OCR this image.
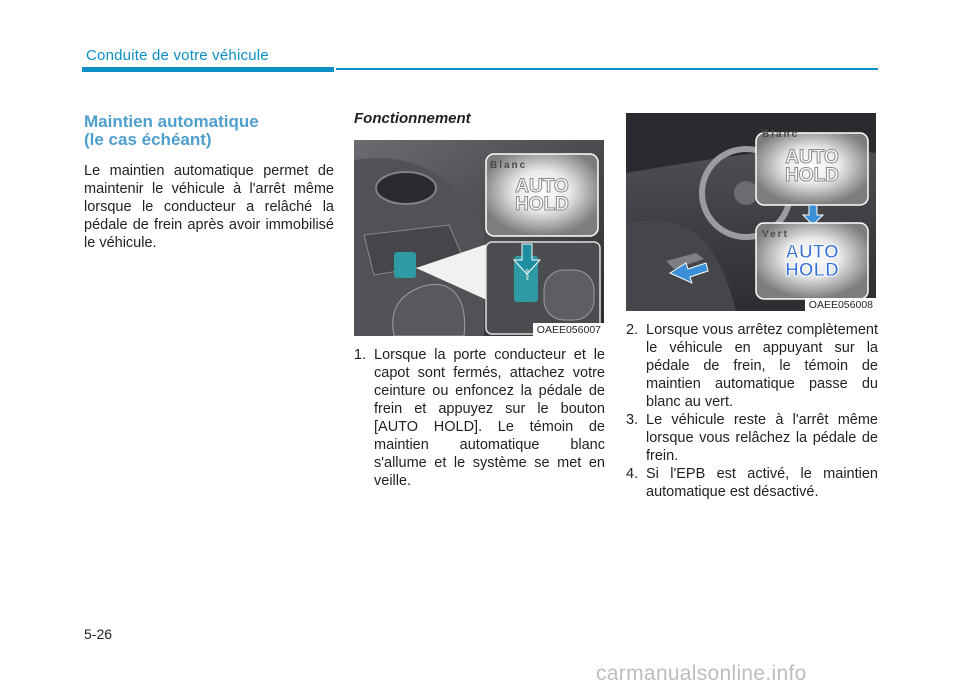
Conduite de votre véhicule
Maintien automatique
(le cas échéant)

Le maintien automatique permet de maintenir le véhicule à l'arrêt même lorsque le conducteur a relâché la pédale de frein après avoir immobilisé le véhicule.

Fonctionnement
AUTO
Blanc
AUTO
HOLD
OAEE056007
1. Lorsque la porte conducteur et le capot sont fermés, attachez votre ceinture ou enfoncez la pédale de frein et appuyez sur le bouton [AUTO HOLD]. Le témoin de maintien automatique blanc s'allume et le système se met en veille.
Blanc
AUTO
HOLD
Vert
AUTO
HOLD
OAEE056008
2. Lorsque vous arrêtez complètement le véhicule en appuyant sur la pédale de frein, le témoin de maintien automatique passe du blanc au vert.
3. Le véhicule reste à l'arrêt même lorsque vous relâchez la pédale de frein.
4. Si l'EPB est activé, le maintien automatique est désactivé.
5-26
carmanualsonline.info
